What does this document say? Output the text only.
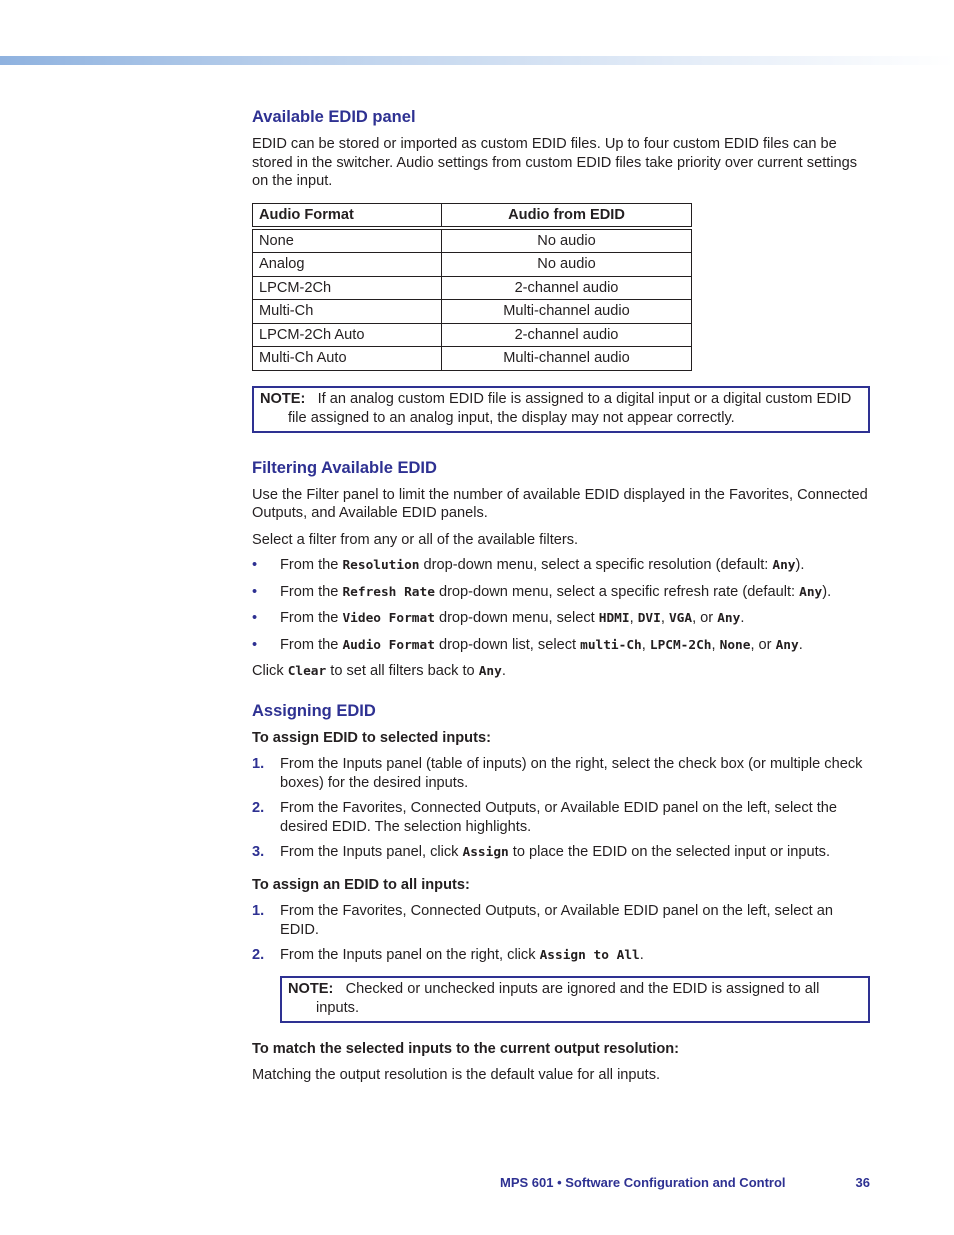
Available EDID panel

EDID can be stored or imported as custom EDID files. Up to four custom EDID files can be stored in the switcher. Audio settings from custom EDID files take priority over current settings on the input.

Audio Format	Audio from EDID
None	No audio
Analog	No audio
LPCM-2Ch	2-channel audio
Multi-Ch	Multi-channel audio
LPCM-2Ch Auto	2-channel audio
Multi-Ch Auto	Multi-channel audio
NOTE: If an analog custom EDID file is assigned to a digital input or a digital custom EDID file assigned to an analog input, the display may not appear correctly.
Filtering Available EDID

Use the Filter panel to limit the number of available EDID displayed in the Favorites, Connected Outputs, and Available EDID panels.

Select a filter from any or all of the available filters.

• From the Resolution drop-down menu, select a specific resolution (default: Any).
• From the Refresh Rate drop-down menu, select a specific refresh rate (default: Any).
• From the Video Format drop-down menu, select HDMI, DVI, VGA, or Any.
• From the Audio Format drop-down list, select multi-Ch, LPCM-2Ch, None, or Any.

Click Clear to set all filters back to Any.

Assigning EDID

To assign EDID to selected inputs:

1. From the Inputs panel (table of inputs) on the right, select the check box (or multiple check boxes) for the desired inputs.
2. From the Favorites, Connected Outputs, or Available EDID panel on the left, select the desired EDID. The selection highlights.
3. From the Inputs panel, click Assign to place the EDID on the selected input or inputs.

To assign an EDID to all inputs:

1. From the Favorites, Connected Outputs, or Available EDID panel on the left, select an EDID.
2. From the Inputs panel on the right, click Assign to All.
NOTE: Checked or unchecked inputs are ignored and the EDID is assigned to all inputs.

To match the selected inputs to the current output resolution:

Matching the output resolution is the default value for all inputs.

MPS 601 • Software Configuration and Control	36
